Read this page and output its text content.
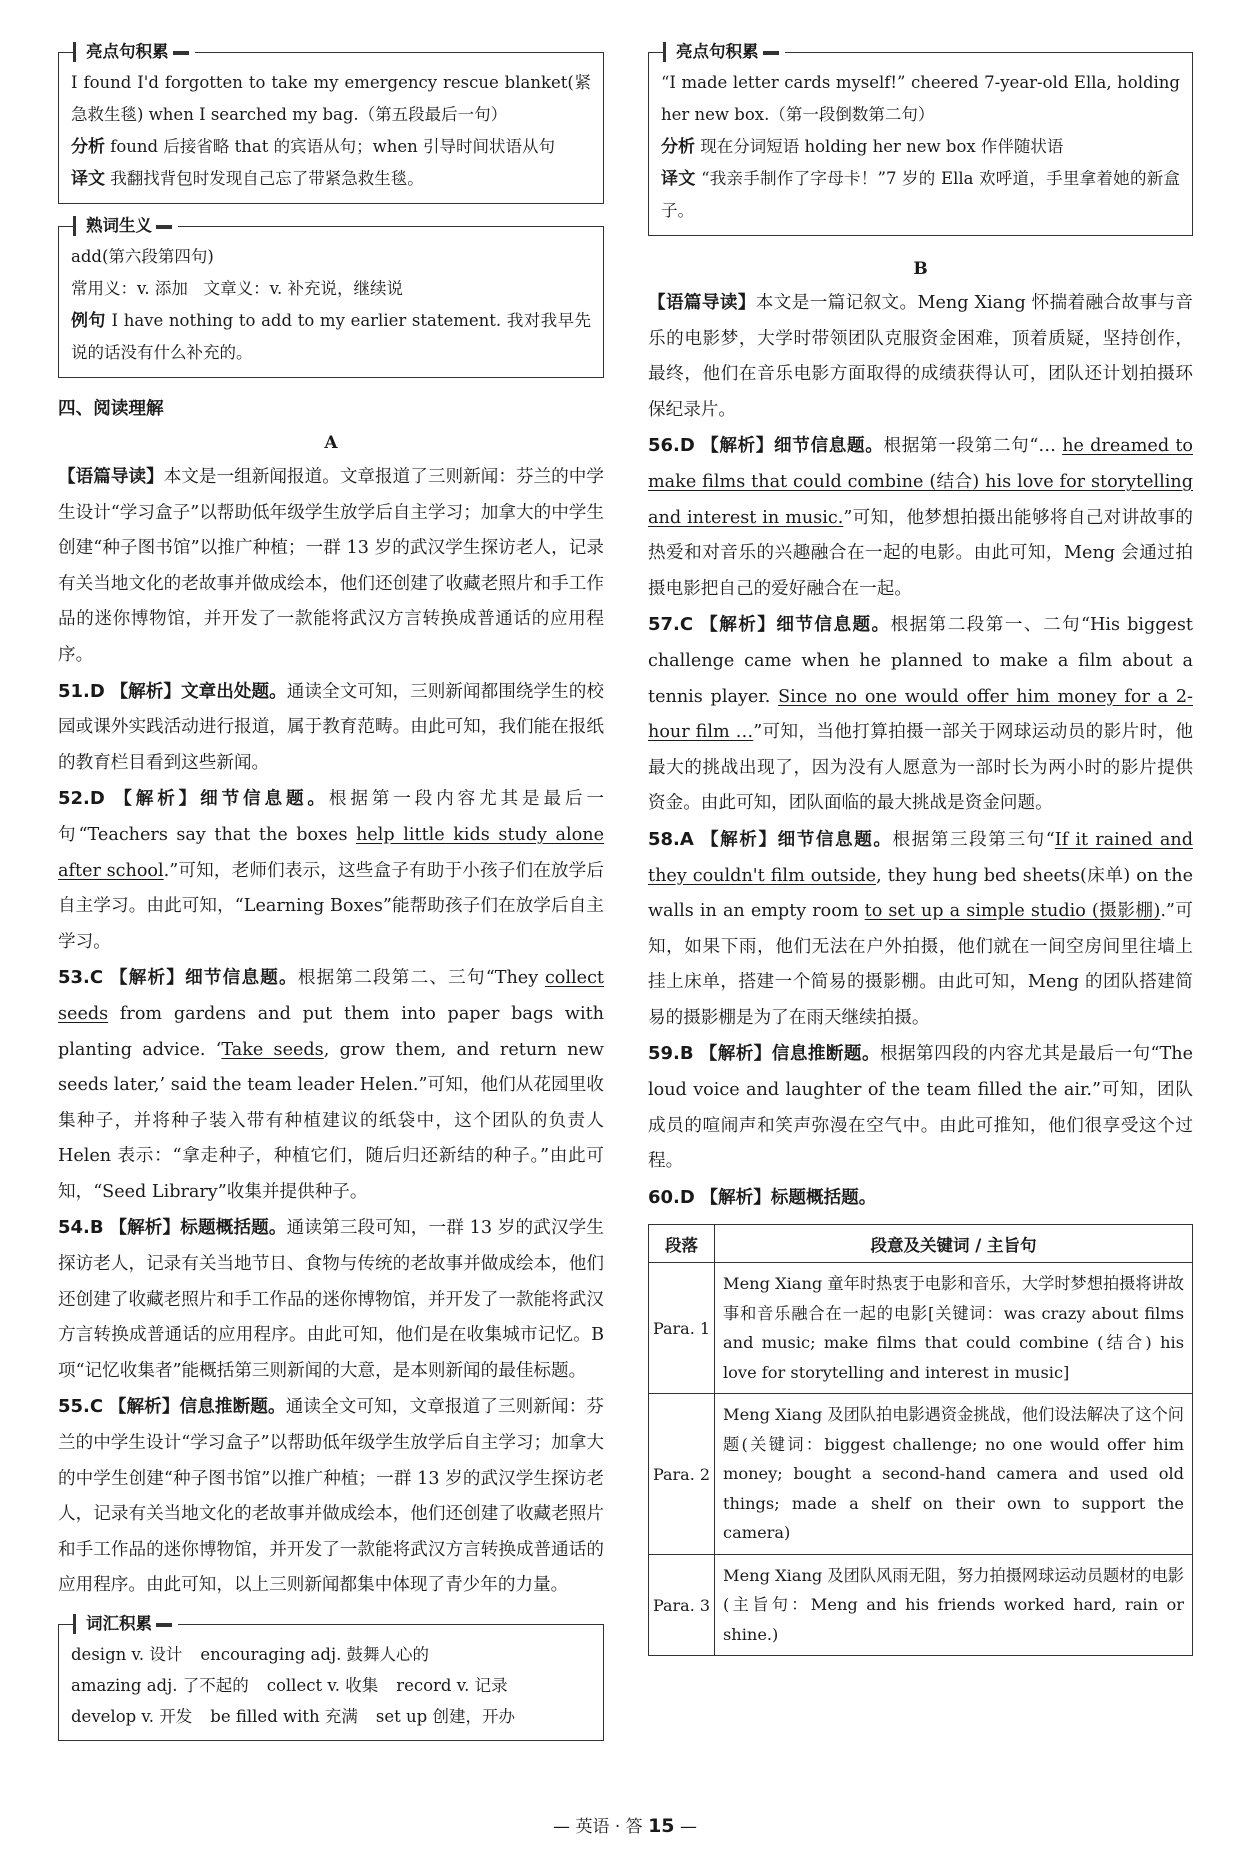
亮点句积累

I found I'd forgotten to take my emergency rescue blanket(紧急救生毯) when I searched my bag.（第五段最后一句）

分析 found 后接省略 that 的宾语从句；when 引导时间状语从句

译文 我翻找背包时发现自己忘了带紧急救生毯。

熟词生义

add(第六段第四句)

常用义：v. 添加 文章义：v. 补充说，继续说

例句 I have nothing to add to my earlier statement. 我对我早先说的话没有什么补充的。

四、阅读理解
A

【语篇导读】本文是一组新闻报道。文章报道了三则新闻：芬兰的中学生设计“学习盒子”以帮助低年级学生放学后自主学习；加拿大的中学生创建“种子图书馆”以推广种植；一群 13 岁的武汉学生探访老人，记录有关当地文化的老故事并做成绘本，他们还创建了收藏老照片和手工作品的迷你博物馆，并开发了一款能将武汉方言转换成普通话的应用程序。

51.D 【解析】文章出处题。通读全文可知，三则新闻都围绕学生的校园或课外实践活动进行报道，属于教育范畴。由此可知，我们能在报纸的教育栏目看到这些新闻。

52.D 【解析】细节信息题。根据第一段内容尤其是最后一句“Teachers say that the boxes help little kids study alone after school.”可知，老师们表示，这些盒子有助于小孩子们在放学后自主学习。由此可知，“Learning Boxes”能帮助孩子们在放学后自主学习。

53.C 【解析】细节信息题。根据第二段第二、三句“They collect seeds from gardens and put them into paper bags with planting advice. ‘Take seeds, grow them, and return new seeds later,’ said the team leader Helen.”可知，他们从花园里收集种子，并将种子装入带有种植建议的纸袋中，这个团队的负责人 Helen 表示：“拿走种子，种植它们，随后归还新结的种子。”由此可知，“Seed Library”收集并提供种子。

54.B 【解析】标题概括题。通读第三段可知，一群 13 岁的武汉学生探访老人，记录有关当地节日、食物与传统的老故事并做成绘本，他们还创建了收藏老照片和手工作品的迷你博物馆，并开发了一款能将武汉方言转换成普通话的应用程序。由此可知，他们是在收集城市记忆。B 项“记忆收集者”能概括第三则新闻的大意，是本则新闻的最佳标题。

55.C 【解析】信息推断题。通读全文可知，文章报道了三则新闻：芬兰的中学生设计“学习盒子”以帮助低年级学生放学后自主学习；加拿大的中学生创建“种子图书馆”以推广种植；一群 13 岁的武汉学生探访老人，记录有关当地文化的老故事并做成绘本，他们还创建了收藏老照片和手工作品的迷你博物馆，并开发了一款能将武汉方言转换成普通话的应用程序。由此可知，以上三则新闻都集中体现了青少年的力量。

词汇积累
design v. 设计 encouraging adj. 鼓舞人心的
amazing adj. 了不起的 collect v. 收集 record v. 记录
develop v. 开发 be filled with 充满 set up 创建，开办
亮点句积累

“I made letter cards myself!” cheered 7-year-old Ella, holding her new box.（第一段倒数第二句）

分析 现在分词短语 holding her new box 作伴随状语

译文 “我亲手制作了字母卡！”7 岁的 Ella 欢呼道，手里拿着她的新盒子。

B

【语篇导读】本文是一篇记叙文。Meng Xiang 怀揣着融合故事与音乐的电影梦，大学时带领团队克服资金困难，顶着质疑，坚持创作，最终，他们在音乐电影方面取得的成绩获得认可，团队还计划拍摄环保纪录片。

56.D 【解析】细节信息题。根据第一段第二句“… he dreamed to make films that could combine (结合) his love for storytelling and interest in music.”可知，他梦想拍摄出能够将自己对讲故事的热爱和对音乐的兴趣融合在一起的电影。由此可知，Meng 会通过拍摄电影把自己的爱好融合在一起。

57.C 【解析】细节信息题。根据第二段第一、二句“His biggest challenge came when he planned to make a film about a tennis player. Since no one would offer him money for a 2-hour film …”可知，当他打算拍摄一部关于网球运动员的影片时，他最大的挑战出现了，因为没有人愿意为一部时长为两小时的影片提供资金。由此可知，团队面临的最大挑战是资金问题。

58.A 【解析】细节信息题。根据第三段第三句“If it rained and they couldn't film outside, they hung bed sheets(床单) on the walls in an empty room to set up a simple studio (摄影棚).”可知，如果下雨，他们无法在户外拍摄，他们就在一间空房间里往墙上挂上床单，搭建一个简易的摄影棚。由此可知，Meng 的团队搭建简易的摄影棚是为了在雨天继续拍摄。

59.B 【解析】信息推断题。根据第四段的内容尤其是最后一句“The loud voice and laughter of the team filled the air.”可知，团队成员的喧闹声和笑声弥漫在空气中。由此可推知，他们很享受这个过程。

60.D 【解析】标题概括题。

段落	段意及关键词 / 主旨句
Para. 1	Meng Xiang 童年时热衷于电影和音乐，大学时梦想拍摄将讲故事和音乐融合在一起的电影[关键词：was crazy about films and music; make films that could combine (结合) his love for storytelling and interest in music]
Para. 2	Meng Xiang 及团队拍电影遇资金挑战，他们设法解决了这个问题(关键词：biggest challenge; no one would offer him money; bought a second-hand camera and used old things; made a shelf on their own to support the camera)
Para. 3	Meng Xiang 及团队风雨无阻，努力拍摄网球运动员题材的电影(主旨句：Meng and his friends worked hard, rain or shine.)
— 英语 · 答 15 —
